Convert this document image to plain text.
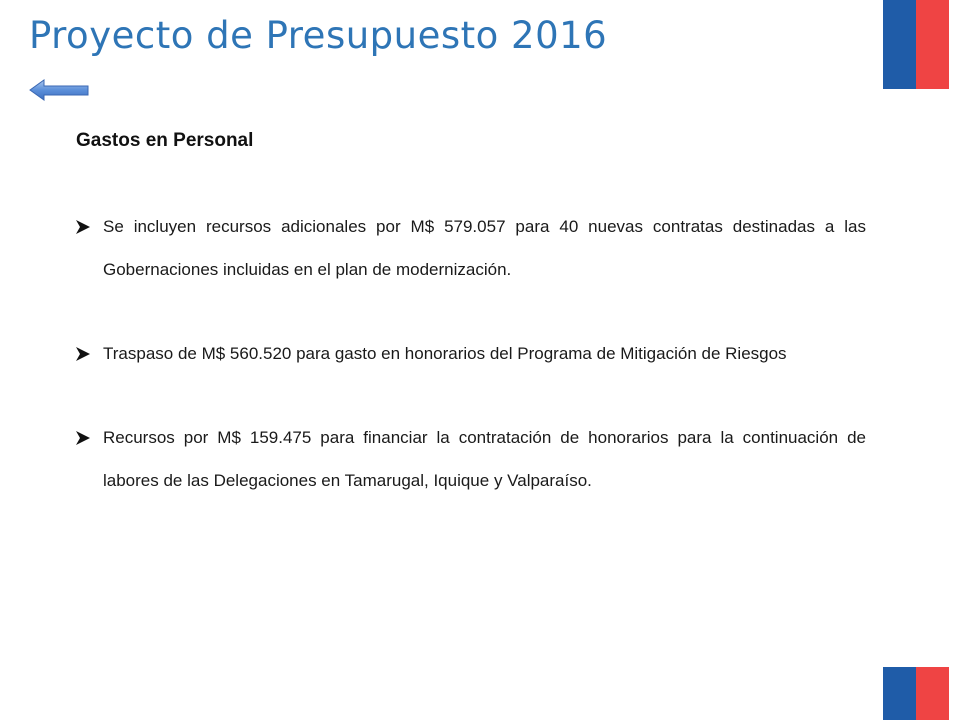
Proyecto de Presupuesto 2016
Gastos en Personal
Se incluyen recursos adicionales por M$ 579.057 para 40 nuevas contratas destinadas a las Gobernaciones incluidas en el plan de modernización.
Traspaso de M$ 560.520 para gasto en honorarios del Programa de Mitigación de Riesgos
Recursos por M$ 159.475 para financiar la contratación de honorarios para la continuación de labores de las Delegaciones en Tamarugal, Iquique y Valparaíso.
